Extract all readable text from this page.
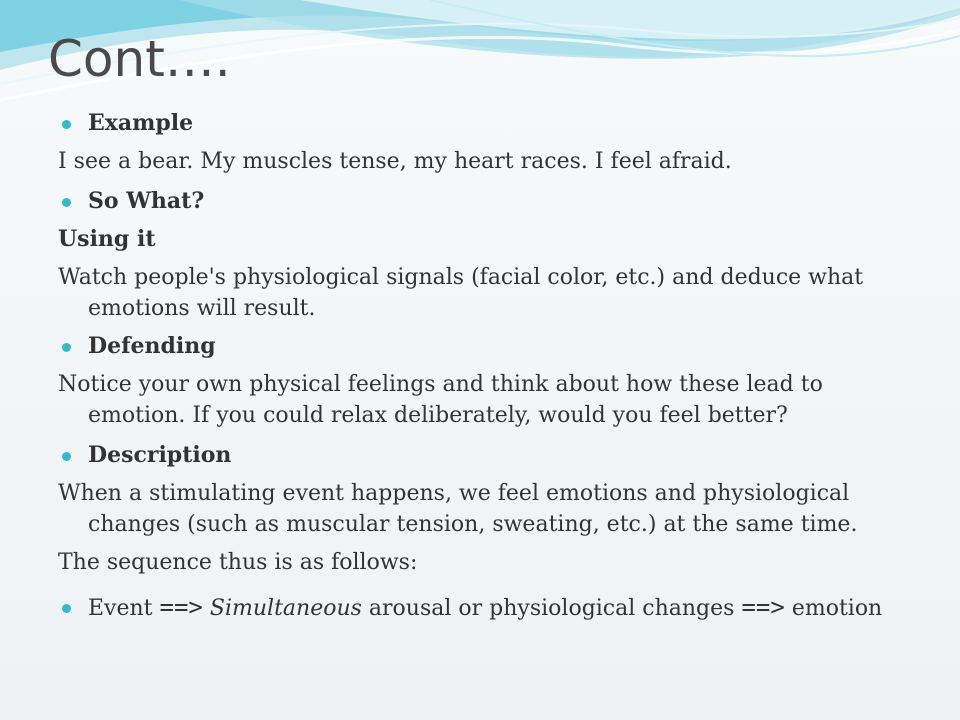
Cont….

Example

I see a bear. My muscles tense, my heart races. I feel afraid.

So What?

Using it

Watch people's physiological signals (facial color, etc.) and deduce what emotions will result.

Defending

Notice your own physical feelings and think about how these lead to emotion. If you could relax deliberately, would you feel better?

Description

When a stimulating event happens, we feel emotions and physiological changes (such as muscular tension, sweating, etc.) at the same time.

The sequence thus is as follows:

Event ==> Simultaneous arousal or physiological changes ==> emotion
